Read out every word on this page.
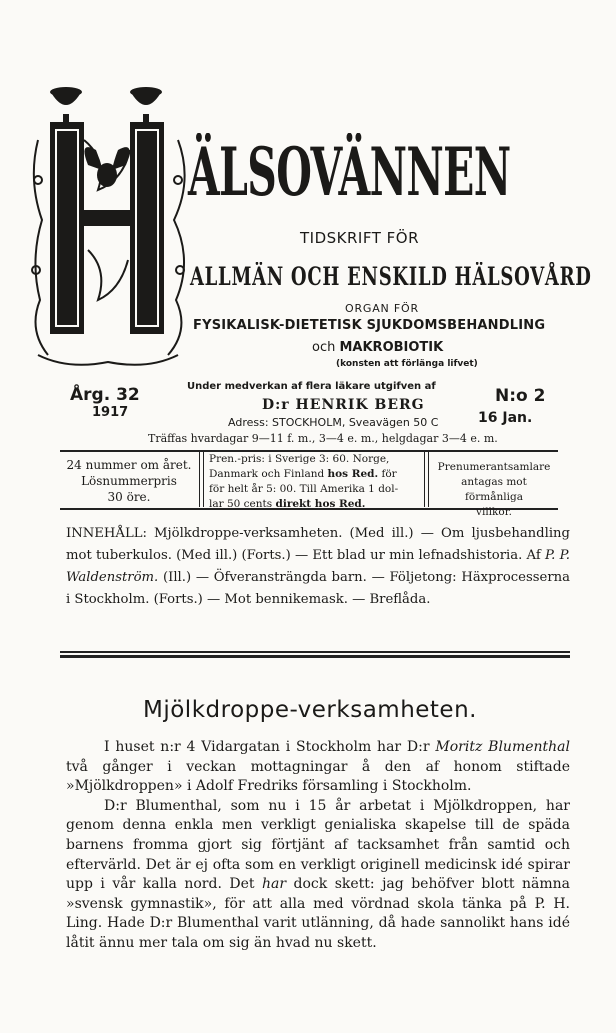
ÄLSOVÄNNEN
TIDSKRIFT FÖR
ALLMÄN OCH ENSKILD HÄLSOVÅRD
ORGAN FÖR
FYSIKALISK-DIETETISK SJUKDOMSBEHANDLING
och MAKROBIOTIK
(konsten att förlänga lifvet)
Årg. 32
1917
Under medverkan af flera läkare utgifven af
D:r HENRIK BERG
Adress: STOCKHOLM, Sveavägen 50 C
N:o 2
16 Jan.
Träffas hvardagar 9—11 f. m., 3—4 e. m., helgdagar 3—4 e. m.
24 nummer om året.
Lösnummerpris
30 öre.
Pren.-pris: i Sverige 3: 60. Norge,
Danmark och Finland hos Red. för
för helt år 5: 00. Till Amerika 1 dol-
lar 50 cents direkt hos Red.
Prenumerantsamlare
antagas mot förmånliga
villkor.
INNEHÅLL: Mjölkdroppe-verksamheten. (Med ill.) — Om ljusbehandling mot tuberkulos. (Med ill.) (Forts.) — Ett blad ur min lefnadshistoria. Af P. P. Waldenström. (Ill.) — Öfveransträngda barn. — Följetong: Häxprocesserna i Stockholm. (Forts.) — Mot bennikemask. — Breflåda.
Mjölkdroppe-verksamheten.

I huset n:r 4 Vidargatan i Stockholm har D:r Moritz Blumenthal två gånger i veckan mottagningar å den af honom stiftade »Mjölkdroppen» i Adolf Fredriks församling i Stockholm.

D:r Blumenthal, som nu i 15 år arbetat i Mjölkdroppen, har genom denna enkla men verkligt genialiska skapelse till de späda barnens fromma gjort sig förtjänt af tacksamhet från samtid och eftervärld. Det är ej ofta som en verkligt originell medicinsk idé spirar upp i vår kalla nord. Det har dock skett: jag behöfver blott nämna »svensk gymnastik», för att alla med vördnad skola tänka på P. H. Ling. Hade D:r Blumenthal varit utlänning, då hade sannolikt hans idé låtit ännu mer tala om sig än hvad nu skett.
